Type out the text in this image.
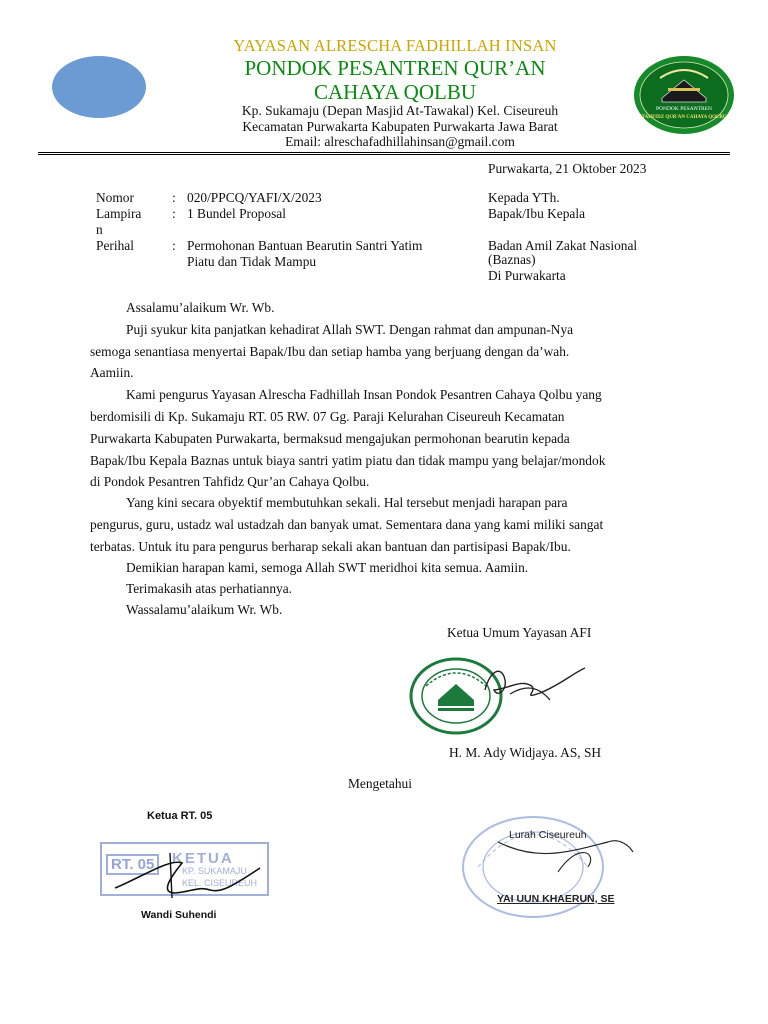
PONDOK PESANTREN
TAHFIDZ QUR'AN CAHAYA QOLBU
YAYASAN ALRESCHA FADHILLAH INSAN
PONDOK PESANTREN QUR’AN
CAHAYA QOLBU
Kp. Sukamaju (Depan Masjid At-Tawakal) Kel. Ciseureuh
Kecamatan Purwakarta Kabupaten Purwakarta Jawa Barat
Email: alreschafadhillahinsan@gmail.com
Purwakarta, 21 Oktober 2023
Nomor	: 020/PPCQ/YAFI/X/2023
Lampira : 1 Bundel Proposal
n
Perihal	: Permohonan Bantuan Bearutin Santri Yatim
Piatu dan Tidak Mampu
Kepada YTh.
Bapak/Ibu Kepala
Badan Amil Zakat Nasional
(Baznas)
Di Purwakarta
Assalamu’alaikum Wr. Wb.
Puji syukur kita panjatkan kehadirat Allah SWT. Dengan rahmat dan ampunan-Nya
semoga senantiasa menyertai Bapak/Ibu dan setiap hamba yang berjuang dengan da’wah.
Aamiin.
Kami pengurus Yayasan Alrescha Fadhillah Insan Pondok Pesantren Cahaya Qolbu yang
berdomisili di Kp. Sukamaju RT. 05 RW. 07 Gg. Paraji Kelurahan Ciseureuh Kecamatan
Purwakarta Kabupaten Purwakarta, bermaksud mengajukan permohonan bearutin kepada
Bapak/Ibu Kepala Baznas untuk biaya santri yatim piatu dan tidak mampu yang belajar/mondok
di Pondok Pesantren Tahfidz Qur’an Cahaya Qolbu.
Yang kini secara obyektif membutuhkan sekali. Hal tersebut menjadi harapan para
pengurus, guru, ustadz wal ustadzah dan banyak umat. Sementara dana yang kami miliki sangat
terbatas. Untuk itu para pengurus berharap sekali akan bantuan dan partisipasi Bapak/Ibu.
Demikian harapan kami, semoga Allah SWT meridhoi kita semua. Aamiin.
Terimakasih atas perhatiannya.
Wassalamu’alaikum Wr. Wb.
Ketua Umum Yayasan AFI
H. M. Ady Widjaya. AS, SH
Mengetahui
Ketua RT. 05
RT. 05	KETUA
KP. SUKAMAJU
KEL. CISEUREUH
Wandi Suhendi
Lurah Ciseureuh
YAI UUN KHAERUN, SE
